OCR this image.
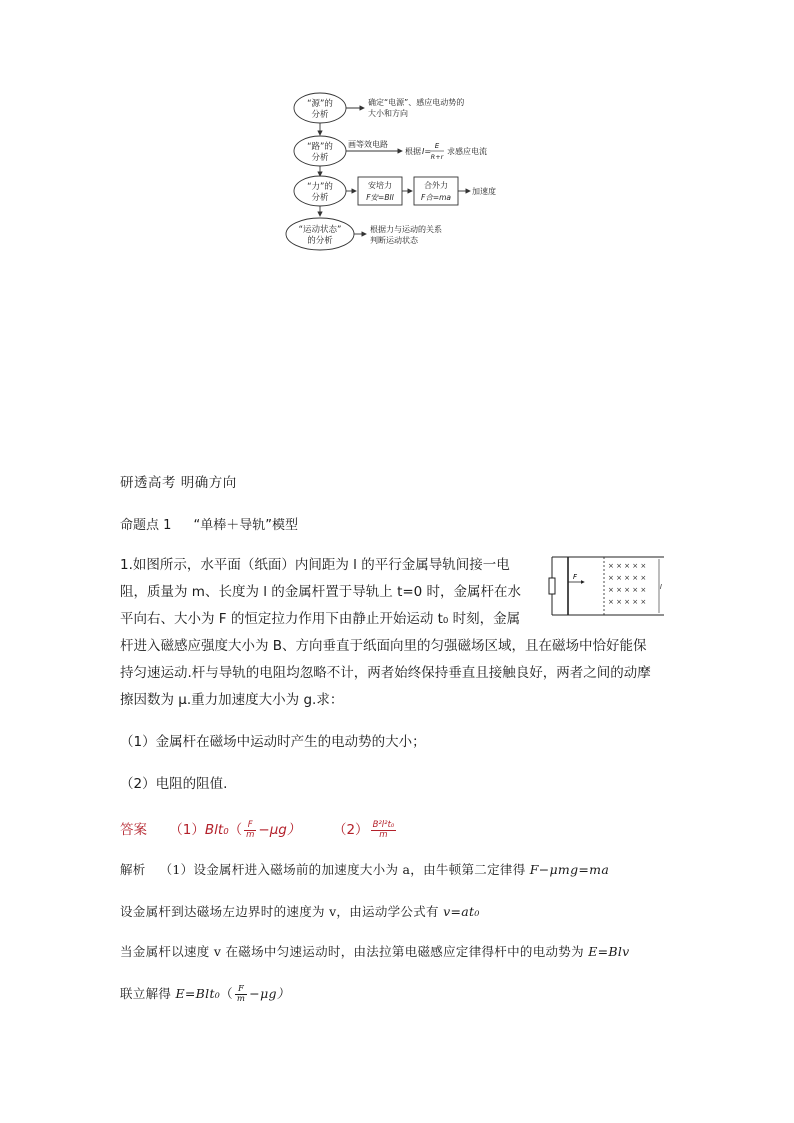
“源”的
分析
确定“电源”、感应电动势的
大小和方向
“路”的
分析
画等效电路
根据 I=
E
R+r
求感应电流
“力”的
分析
安培力
F安=BIl
合外力
F合=ma
加速度
“运动状态”
的分析
根据力与运动的关系
判断运动状态
研透高考 明确方向
命题点 1 “单棒＋导轨”模型
1.如图所示，水平面（纸面）内间距为 l 的平行金属导轨间接一电
阻，质量为 m、长度为 l 的金属杆置于导轨上 t=0 时，金属杆在水
平向右、大小为 F 的恒定拉力作用下由静止开始运动 t₀ 时刻，金属
杆进入磁感应强度大小为 B、方向垂直于纸面向里的匀强磁场区域，且在磁场中恰好能保
持匀速运动.杆与导轨的电阻均忽略不计，两者始终保持垂直且接触良好，两者之间的动摩
擦因数为 μ.重力加速度大小为 g.求：
（1）金属杆在磁场中运动时产生的电动势的大小；
（2）电阻的阻值.
F
× × × × ×
× × × × ×
× × × × ×
× × × × ×
l
答案 $(1)Blt_0( \frac{F}{m} -\mu g)$ $(2) \frac{\text{B²l²t₀}}{m}$
解析 （1）设金属杆进入磁场前的加速度大小为 a，由牛顿第二定律得 F−μmg=ma
设金属杆到达磁场左边界时的速度为 v，由运动学公式有 v=at₀
当金属杆以速度 v 在磁场中匀速运动时，由法拉第电磁感应定律得杆中的电动势为 E=Blv
联立解得 $E=Blt_0( \frac{F}{m} -\mu g)$
